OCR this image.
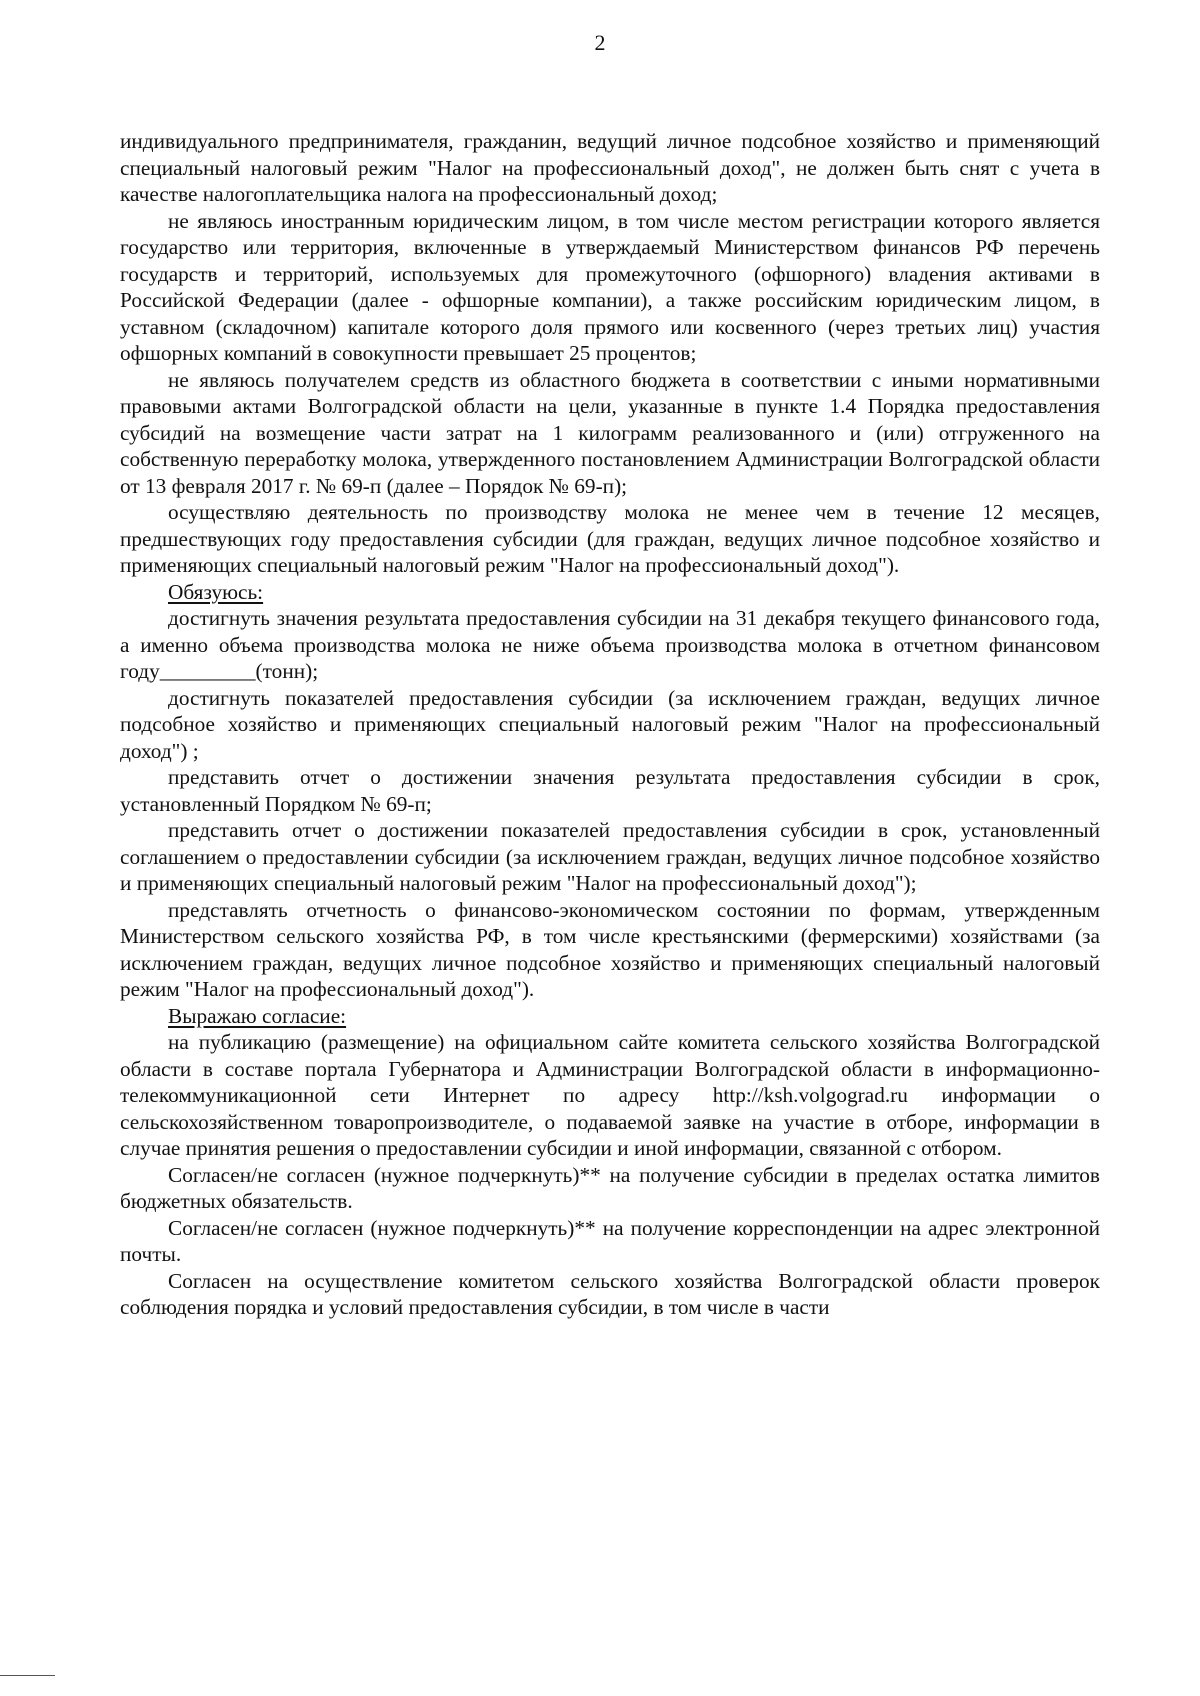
2

индивидуального предпринимателя, гражданин, ведущий личное подсобное хозяйство и применяющий специальный налоговый режим "Налог на профессиональный доход", не должен быть снят с учета в качестве налогоплательщика налога на профессиональный доход;

не являюсь иностранным юридическим лицом, в том числе местом регистрации которого является государство или территория, включенные в утверждаемый Министерством финансов РФ перечень государств и территорий, используемых для промежуточного (офшорного) владения активами в Российской Федерации (далее - офшорные компании), а также российским юридическим лицом, в уставном (складочном) капитале которого доля прямого или косвенного (через третьих лиц) участия офшорных компаний в совокупности превышает 25 процентов;

не являюсь получателем средств из областного бюджета в соответствии с иными нормативными правовыми актами Волгоградской области на цели, указанные в пункте 1.4 Порядка предоставления субсидий на возмещение части затрат на 1 килограмм реализованного и (или) отгруженного на собственную переработку молока, утвержденного постановлением Администрации Волгоградской области от 13 февраля 2017 г. № 69-п (далее – Порядок № 69-п);

осуществляю деятельность по производству молока не менее чем в течение 12 месяцев, предшествующих году предоставления субсидии (для граждан, ведущих личное подсобное хозяйство и применяющих специальный налоговый режим "Налог на профессиональный доход").

Обязуюсь:

достигнуть значения результата предоставления субсидии на 31 декабря текущего финансового года, а именно объема производства молока не ниже объема производства молока в отчетном финансовом году_________(тонн);

достигнуть показателей предоставления субсидии (за исключением граждан, ведущих личное подсобное хозяйство и применяющих специальный налоговый режим "Налог на профессиональный доход") ;

представить отчет о достижении значения результата предоставления субсидии в срок, установленный Порядком № 69-п;

представить отчет о достижении показателей предоставления субсидии в срок, установленный соглашением о предоставлении субсидии (за исключением граждан, ведущих личное подсобное хозяйство и применяющих специальный налоговый режим "Налог на профессиональный доход");

представлять отчетность о финансово-экономическом состоянии по формам, утвержденным Министерством сельского хозяйства РФ, в том числе крестьянскими (фермерскими) хозяйствами (за исключением граждан, ведущих личное подсобное хозяйство и применяющих специальный налоговый режим "Налог на профессиональный доход").

Выражаю согласие:

на публикацию (размещение) на официальном сайте комитета сельского хозяйства Волгоградской области в составе портала Губернатора и Администрации Волгоградской области в информационно-телекоммуникационной сети Интернет по адресу http://ksh.volgograd.ru информации о сельскохозяйственном товаропроизводителе, о подаваемой заявке на участие в отборе, информации в случае принятия решения о предоставлении субсидии и иной информации, связанной с отбором.

Согласен/не согласен (нужное подчеркнуть)** на получение субсидии в пределах остатка лимитов бюджетных обязательств.

Согласен/не согласен (нужное подчеркнуть)** на получение корреспонденции на адрес электронной почты.

Согласен на осуществление комитетом сельского хозяйства Волгоградской области проверок соблюдения порядка и условий предоставления субсидии, в том числе в части
